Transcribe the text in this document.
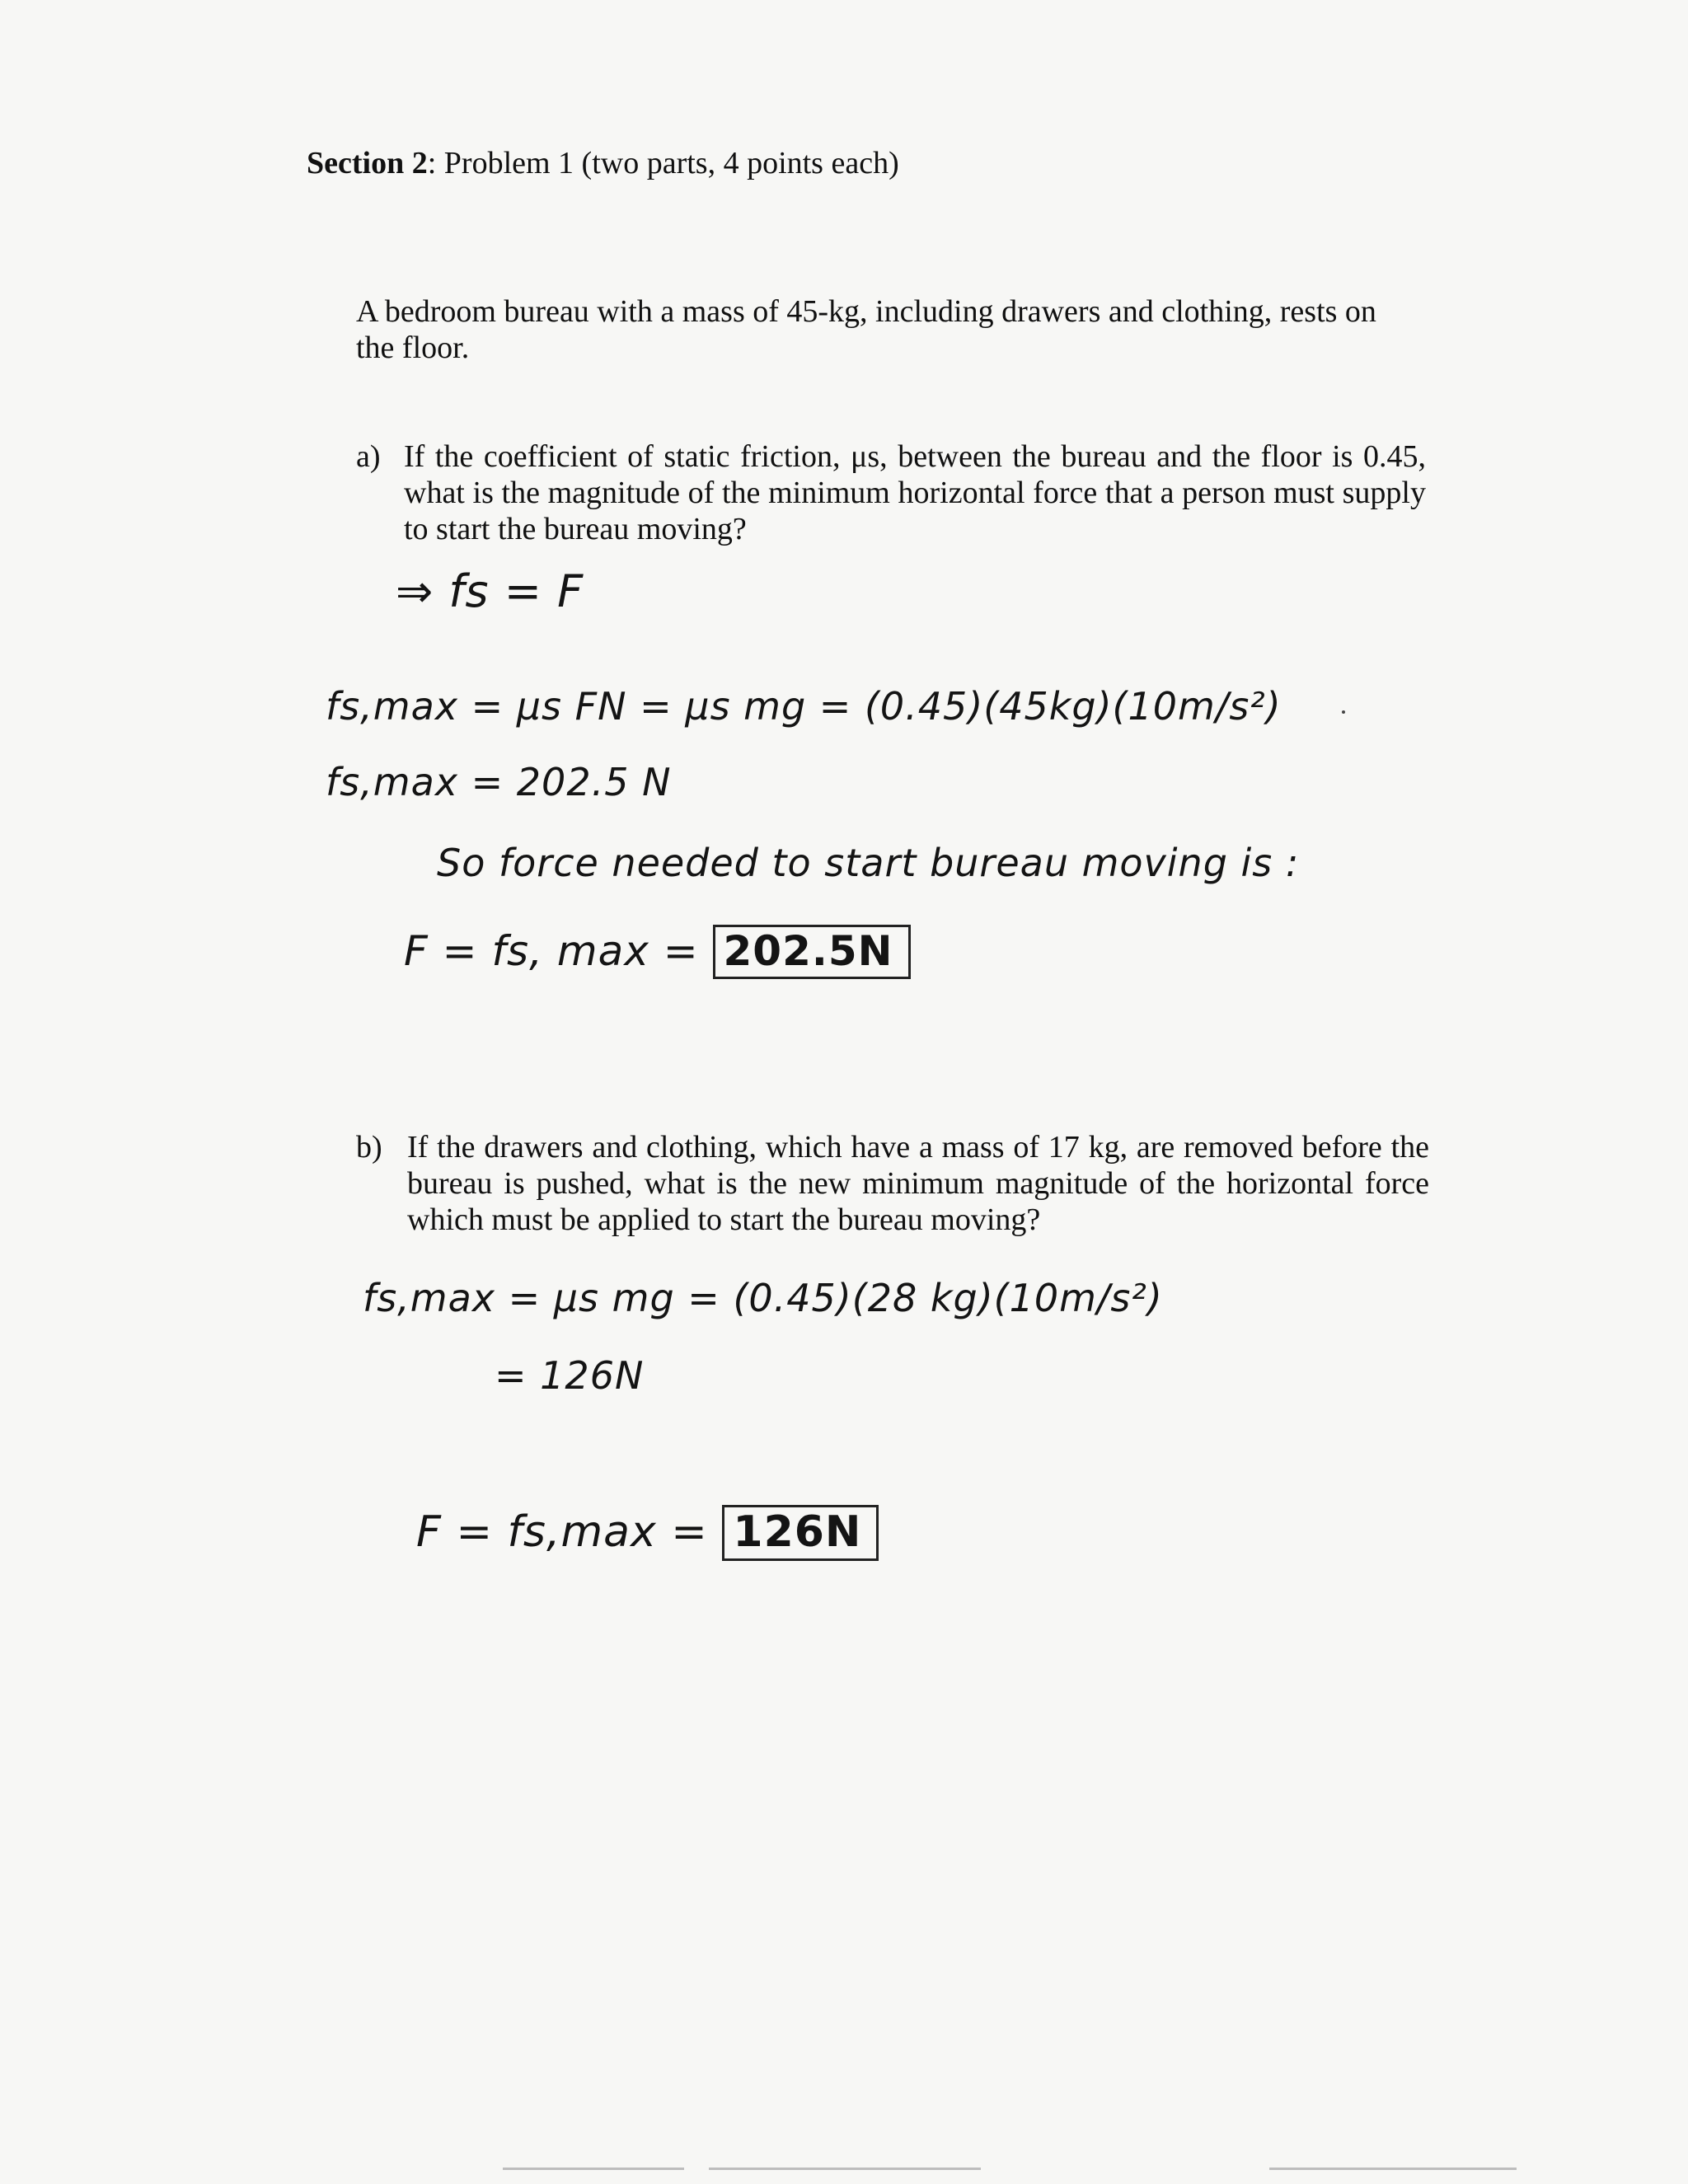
Section 2: Problem 1 (two parts, 4 points each)
A bedroom bureau with a mass of 45-kg, including drawers and clothing, rests on the floor.
a) If the coefficient of static friction, μs, between the bureau and the floor is 0.45, what is the magnitude of the minimum horizontal force that a person must supply to start the bureau moving?
⇒ fs = F
fs,max = μs FN = μs mg = (0.45)(45kg)(10m/s²)
fs,max = 202.5 N
So force needed to start bureau moving is :
F = fs, max = 202.5N
b) If the drawers and clothing, which have a mass of 17 kg, are removed before the bureau is pushed, what is the new minimum magnitude of the horizontal force which must be applied to start the bureau moving?
fs,max = μs mg = (0.45)(28 kg)(10m/s²)
= 126N
F = fs,max = 126N
